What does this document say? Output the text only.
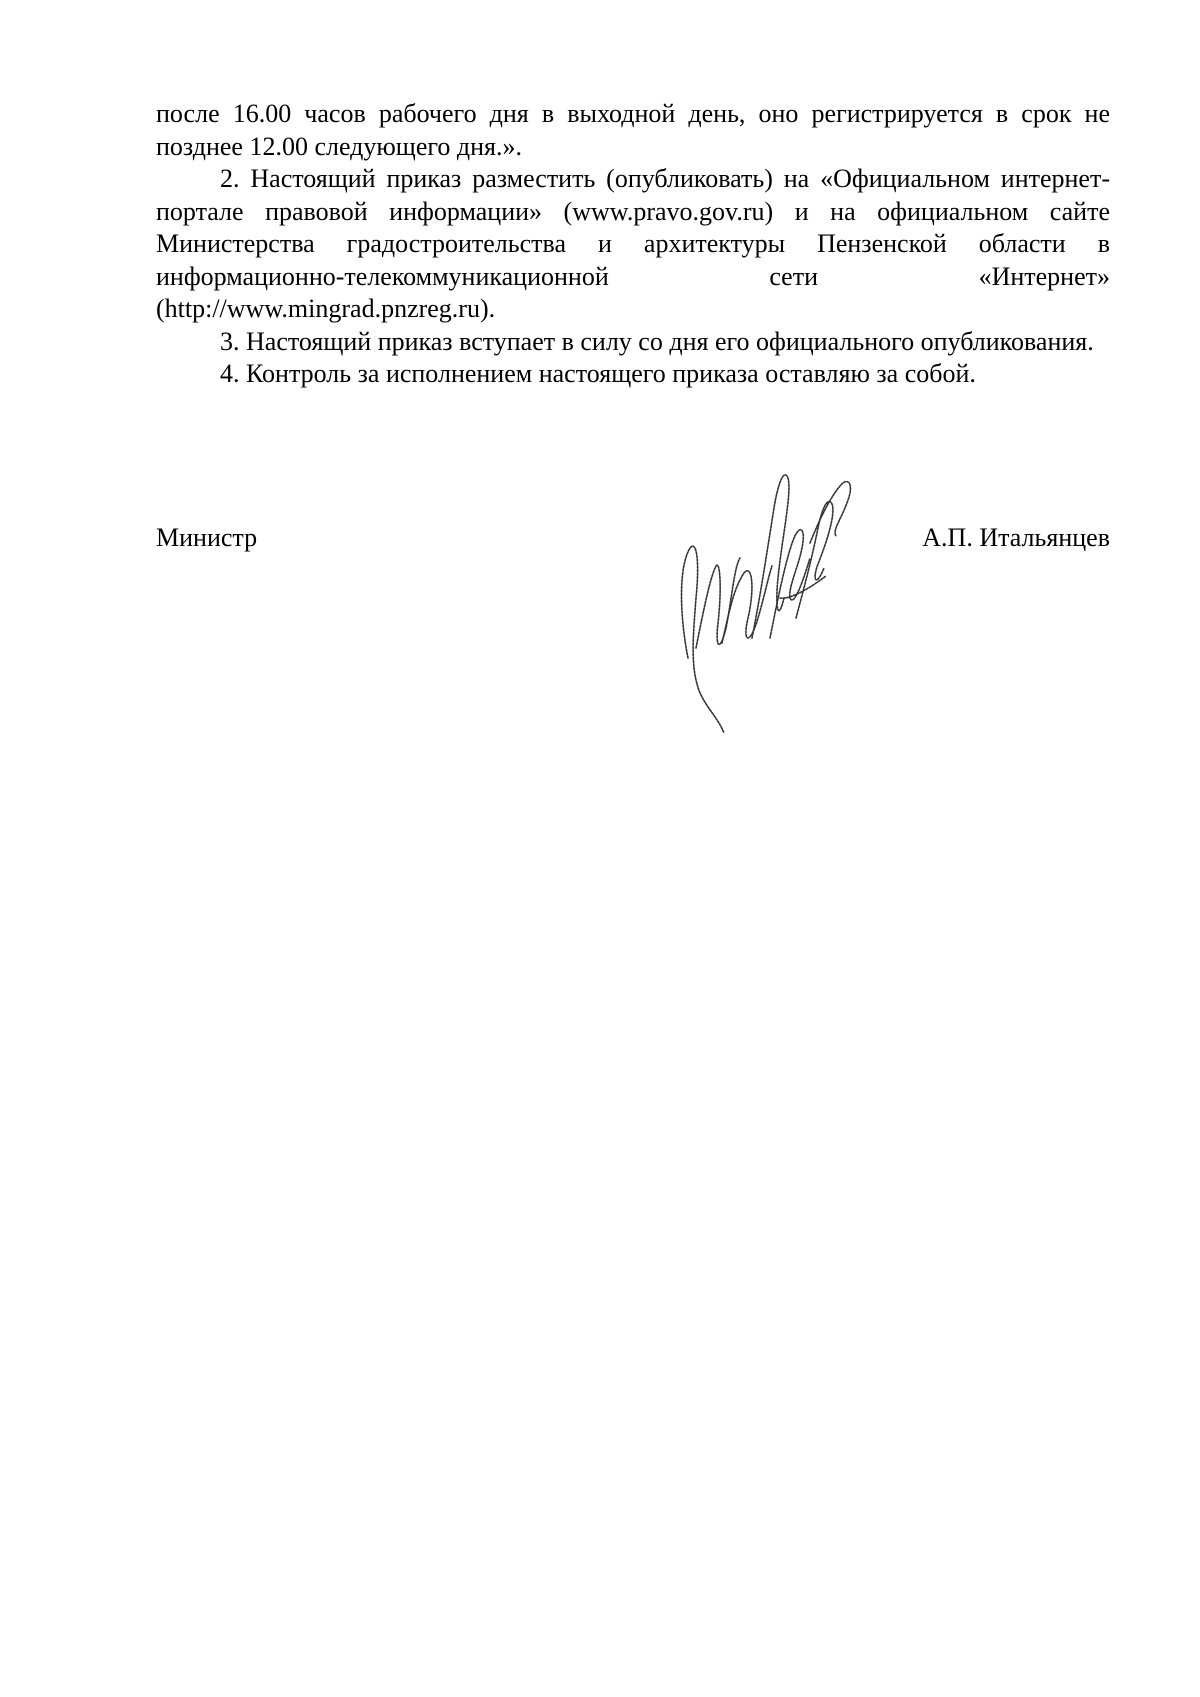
после 16.00 часов рабочего дня в выходной день, оно регистрируется в срок не позднее 12.00 следующего дня.».

2. Настоящий приказ разместить (опубликовать) на «Официальном интернет-портале правовой информации» (www.pravo.gov.ru) и на официальном сайте Министерства градостроительства и архитектуры Пензенской области в информационно-телекоммуникационной сети «Интернет» (http://www.mingrad.pnzreg.ru).

3. Настоящий приказ вступает в силу со дня его официального опубликования.

4. Контроль за исполнением настоящего приказа оставляю за собой.

Министр	А.П. Итальянцев
